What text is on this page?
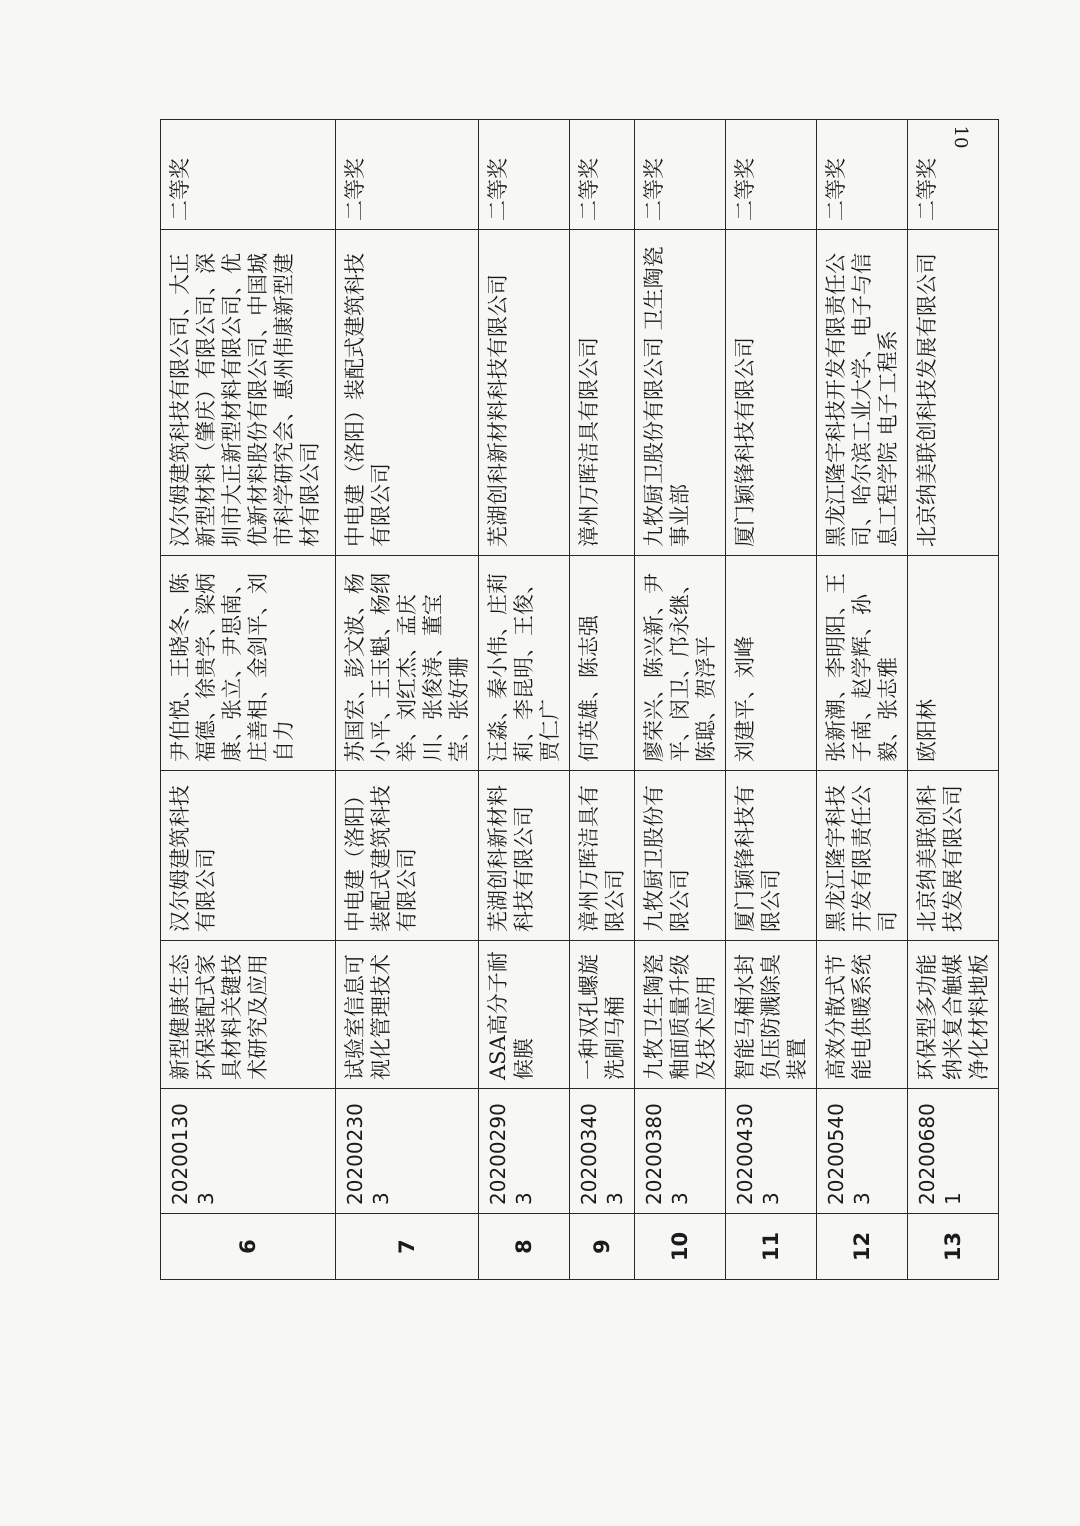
10
6	202001303	新型健康生态环保装配式家具材料关键技术研究及应用	汉尔姆建筑科技有限公司	尹伯悦、王晓冬、陈福德、徐贵学、梁炳康、张立、尹思南、庄善相、金剑平、刘自力	汉尔姆建筑科技有限公司、大正新型材料（肇庆）有限公司、深圳市大正新型材料有限公司、优优新材料股份有限公司、中国城市科学研究会、惠州伟康新型建材有限公司	二等奖
7	202002303	试验室信息可视化管理技术	中电建（洛阳）装配式建筑科技有限公司	苏国宏、彭文波、杨小平、王玉魁、杨纲举、刘红杰、孟庆川、张俊涛、董宝莹、张好珊	中电建（洛阳）装配式建筑科技有限公司	二等奖
8	202002903	ASA高分子耐候膜	芜湖创科新材料科技有限公司	汪淼、秦小伟、庄莉莉、李昆明、王俊、贾仁广	芜湖创科新材料科技有限公司	二等奖
9	202003403	一种双孔螺旋洗刷马桶	漳州万晖洁具有限公司	何英雄、陈志强	漳州万晖洁具有限公司	二等奖
10	202003803	九牧卫生陶瓷釉面质量升级及技术应用	九牧厨卫股份有限公司	廖荣兴、陈兴新、尹平、闵卫、邝永继、陈聪、贺浮平	九牧厨卫股份有限公司 卫生陶瓷事业部	二等奖
11	202004303	智能马桶水封负压防溅除臭装置	厦门颖锋科技有限公司	刘建平、刘峰	厦门颖锋科技有限公司	二等奖
12	202005403	高效分散式节能电供暖系统	黑龙江隆宇科技开发有限责任公司	张新潮、李明阳、王子南、赵学辉、孙毅、张志雅	黑龙江隆宇科技开发有限责任公司、哈尔滨工业大学、电子与信息工程学院 电子工程系	二等奖
13	202006801	环保型多功能纳米复合触媒净化材料地板	北京纳美联创科技发展有限公司	欧阳林	北京纳美联创科技发展有限公司	二等奖
